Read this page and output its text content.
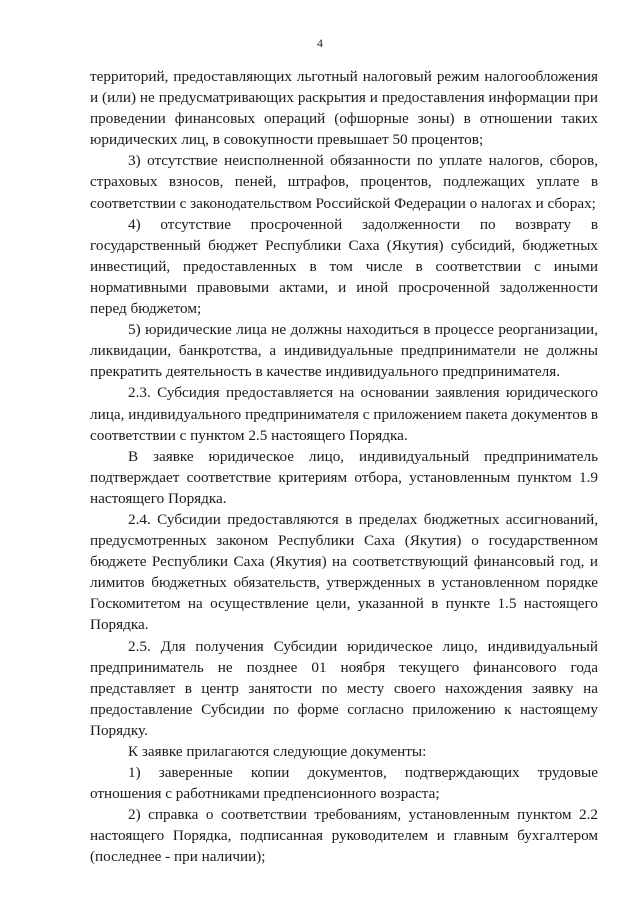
4

территорий, предоставляющих льготный налоговый режим налогообложения и (или) не предусматривающих раскрытия и предоставления информации при проведении финансовых операций (офшорные зоны) в отношении таких юридических лиц, в совокупности превышает 50 процентов;

3) отсутствие неисполненной обязанности по уплате налогов, сборов, страховых взносов, пеней, штрафов, процентов, подлежащих уплате в соответствии с законодательством Российской Федерации о налогах и сборах;

4) отсутствие просроченной задолженности по возврату в государственный бюджет Республики Саха (Якутия) субсидий, бюджетных инвестиций, предоставленных в том числе в соответствии с иными нормативными правовыми актами, и иной просроченной задолженности перед бюджетом;

5) юридические лица не должны находиться в процессе реорганизации, ликвидации, банкротства, а индивидуальные предприниматели не должны прекратить деятельность в качестве индивидуального предпринимателя.

2.3. Субсидия предоставляется на основании заявления юридического лица, индивидуального предпринимателя с приложением пакета документов в соответствии с пунктом 2.5 настоящего Порядка.

В заявке юридическое лицо, индивидуальный предприниматель подтверждает соответствие критериям отбора, установленным пунктом 1.9 настоящего Порядка.

2.4. Субсидии предоставляются в пределах бюджетных ассигнований, предусмотренных законом Республики Саха (Якутия) о государственном бюджете Республики Саха (Якутия) на соответствующий финансовый год, и лимитов бюджетных обязательств, утвержденных в установленном порядке Госкомитетом на осуществление цели, указанной в пункте 1.5 настоящего Порядка.

2.5. Для получения Субсидии юридическое лицо, индивидуальный предприниматель не позднее 01 ноября текущего финансового года представляет в центр занятости по месту своего нахождения заявку на предоставление Субсидии по форме согласно приложению к настоящему Порядку.

К заявке прилагаются следующие документы:

1) заверенные копии документов, подтверждающих трудовые отношения с работниками предпенсионного возраста;

2) справка о соответствии требованиям, установленным пунктом 2.2 настоящего Порядка, подписанная руководителем и главным бухгалтером (последнее - при наличии);
